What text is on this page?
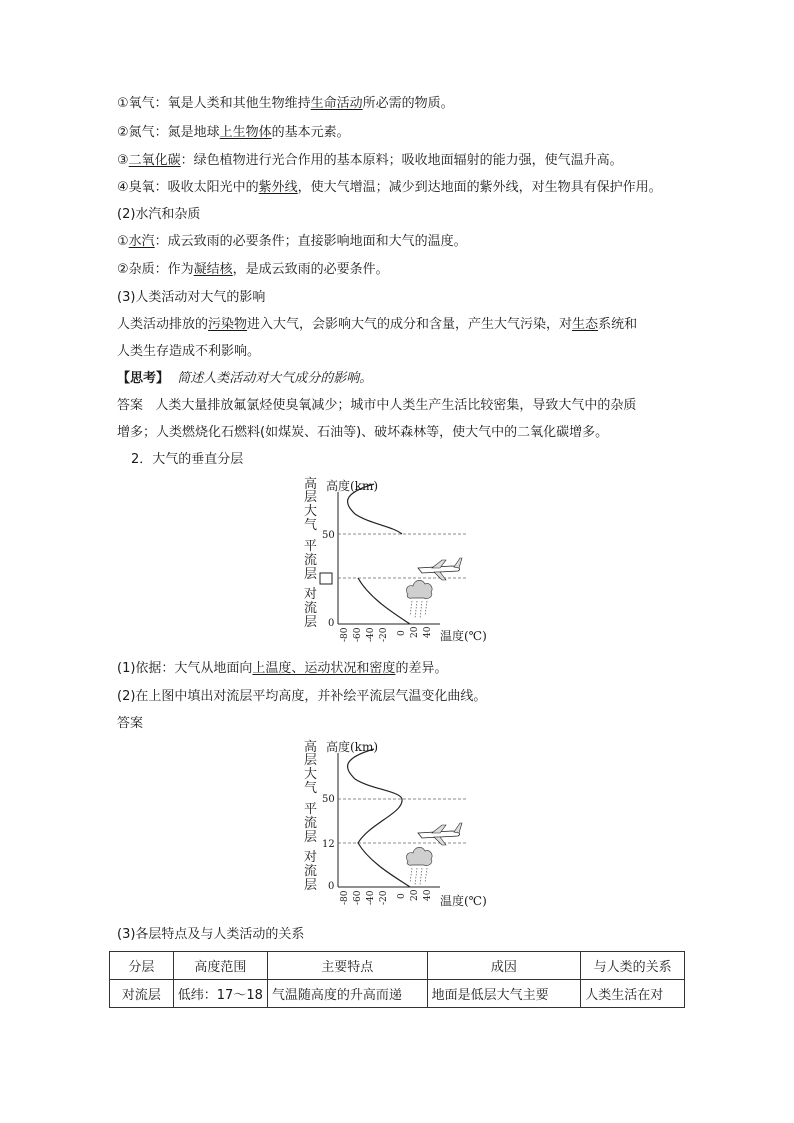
①氧气：氧是人类和其他生物维持生命活动所必需的物质。
②氮气：氮是地球上生物体的基本元素。
③二氧化碳：绿色植物进行光合作用的基本原料；吸收地面辐射的能力强，使气温升高。
④臭氧：吸收太阳光中的紫外线，使大气增温；减少到达地面的紫外线，对生物具有保护作用。
(2)水汽和杂质
①水汽：成云致雨的必要条件；直接影响地面和大气的温度。
②杂质：作为凝结核，是成云致雨的必要条件。
(3)人类活动对大气的影响
人类活动排放的污染物进入大气，会影响大气的成分和含量，产生大气污染，对生态系统和
人类生存造成不利影响。
【思考】 简述人类活动对大气成分的影响。
答案 人类大量排放氟氯烃使臭氧减少；城市中人类生产生活比较密集，导致大气中的杂质
增多；人类燃烧化石燃料(如煤炭、石油等)、破坏森林等，使大气中的二氧化碳增多。
2．大气的垂直分层
高
层
大
气
平
流
层
对
流
层
高度(km)
50
0
-80 -60 -40 -20 0 20 40 温度(℃)
(1)依据：大气从地面向上温度、运动状况和密度的差异。
(2)在上图中填出对流层平均高度，并补绘平流层气温变化曲线。
答案
高
层
大
气
平
流
层
对
流
层
高度(km)
50
12
0
-80 -60 -40 -20 0 20 40 温度(℃)
(3)各层特点及与人类活动的关系
分层	高度范围	主要特点	成因	与人类的关系
对流层	低纬：17～18	气温随高度的升高而递	地面是低层大气主要	人类生活在对
